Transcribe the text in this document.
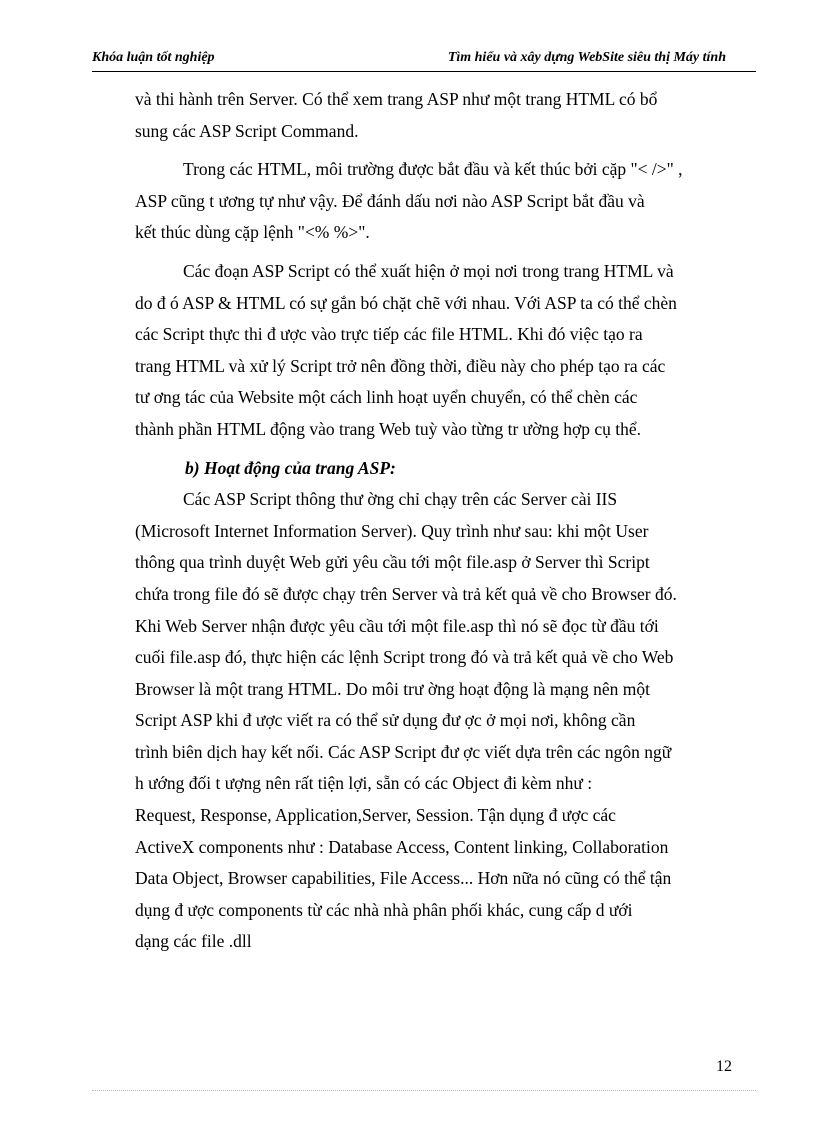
Khóa luận tốt nghiệp	Tìm hiểu và xây dựng WebSite siêu thị Máy tính

và thi hành trên Server. Có thể xem trang ASP như một trang HTML có bổ
sung các ASP Script Command.

Trong các HTML, môi trường được bắt đầu và kết thúc bởi cặp "< />" ,
ASP cũng t ương tự như vậy. Để đánh dấu nơi nào ASP Script bắt đầu và
kết thúc dùng cặp lệnh "<% %>".

Các đoạn ASP Script có thể xuất hiện ở mọi nơi trong trang HTML và
do đ ó ASP & HTML có sự gắn bó chặt chẽ với nhau. Với ASP ta có thể chèn
các Script thực thi đ ược vào trực tiếp các file HTML. Khi đó việc tạo ra
trang HTML và xử lý Script trở nên đồng thời, điều này cho phép tạo ra các
tư ơng tác của Website một cách linh hoạt uyển chuyển, có thể chèn các
thành phần HTML động vào trang Web tuỳ vào từng tr ường hợp cụ thể.

b) Hoạt động của trang ASP:

Các ASP Script thông thư ờng chỉ chạy trên các Server cài IIS
(Microsoft Internet Information Server). Quy trình như sau: khi một User
thông qua trình duyệt Web gửi yêu cầu tới một file.asp ở Server thì Script
chứa trong file đó sẽ được chạy trên Server và trả kết quả về cho Browser đó.
Khi Web Server nhận được yêu cầu tới một file.asp thì nó sẽ đọc từ đầu tới
cuối file.asp đó, thực hiện các lệnh Script trong đó và trả kết quả về cho Web
Browser là một trang HTML. Do môi trư ờng hoạt động là mạng nên một
Script ASP khi đ ược viết ra có thể sử dụng đư ợc ở mọi nơi, không cần
trình biên dịch hay kết nối. Các ASP Script đư ợc viết dựa trên các ngôn ngữ
h ướng đối t ượng nên rất tiện lợi, sẵn có các Object đi kèm như :
Request, Response, Application,Server, Session. Tận dụng đ ược các
ActiveX components như : Database Access, Content linking, Collaboration
Data Object, Browser capabilities, File Access... Hơn nữa nó cũng có thể tận
dụng đ ược components từ các nhà nhà phân phối khác, cung cấp d ưới
dạng các file .dll

12
